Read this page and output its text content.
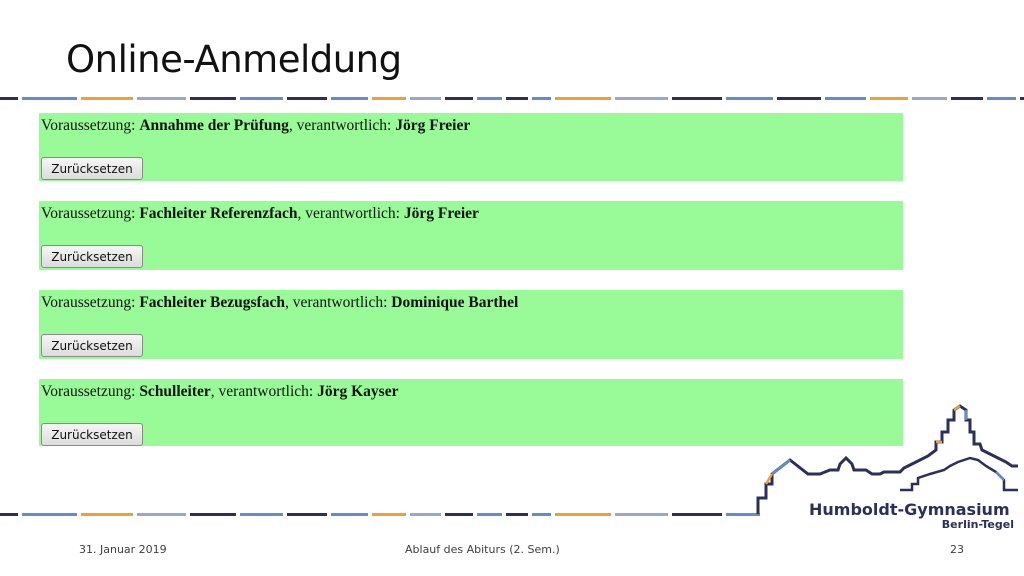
Online-Anmeldung
Voraussetzung: Annahme der Prüfung, verantwortlich: Jörg Freier
Zurücksetzen
Voraussetzung: Fachleiter Referenzfach, verantwortlich: Jörg Freier
Zurücksetzen
Voraussetzung: Fachleiter Bezugsfach, verantwortlich: Dominique Barthel
Zurücksetzen
Voraussetzung: Schulleiter, verantwortlich: Jörg Kayser
Zurücksetzen
Humboldt-Gymnasium
Berlin-Tegel
31. Januar 2019	Ablauf des Abiturs (2. Sem.)	23
